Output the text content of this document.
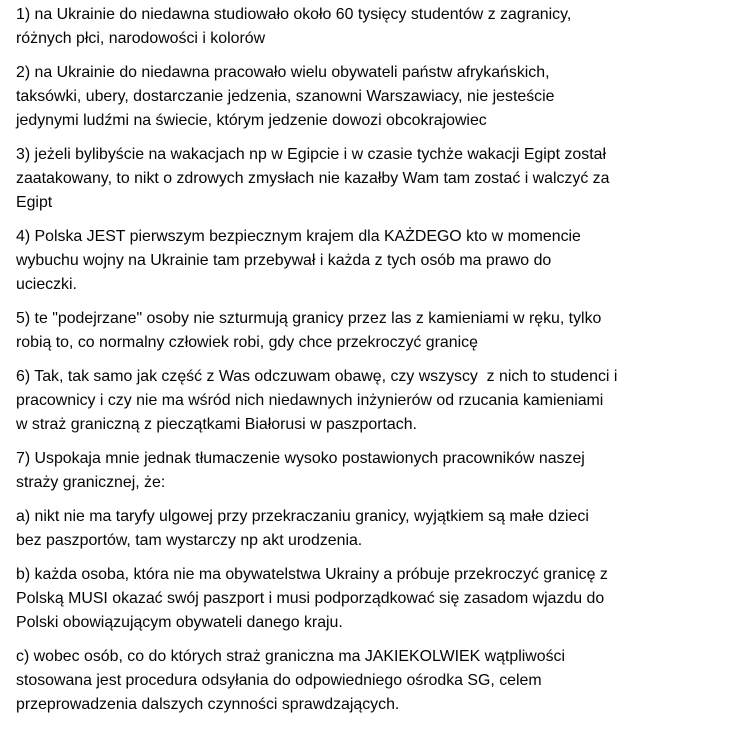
1) na Ukrainie do niedawna studiowało około 60 tysięcy studentów z zagranicy,
różnych płci, narodowości i kolorów

2) na Ukrainie do niedawna pracowało wielu obywateli państw afrykańskich,
taksówki, ubery, dostarczanie jedzenia, szanowni Warszawiacy, nie jesteście
jedynymi ludźmi na świecie, którym jedzenie dowozi obcokrajowiec

3) jeżeli bylibyście na wakacjach np w Egipcie i w czasie tychże wakacji Egipt został
zaatakowany, to nikt o zdrowych zmysłach nie kazałby Wam tam zostać i walczyć za
Egipt

4) Polska JEST pierwszym bezpiecznym krajem dla KAŻDEGO kto w momencie
wybuchu wojny na Ukrainie tam przebywał i każda z tych osób ma prawo do
ucieczki.

5) te "podejrzane" osoby nie szturmują granicy przez las z kamieniami w ręku, tylko
robią to, co normalny człowiek robi, gdy chce przekroczyć granicę

6) Tak, tak samo jak część z Was odczuwam obawę, czy wszyscy  z nich to studenci i
pracownicy i czy nie ma wśród nich niedawnych inżynierów od rzucania kamieniami
w straż graniczną z pieczątkami Białorusi w paszportach.

7) Uspokaja mnie jednak tłumaczenie wysoko postawionych pracowników naszej
straży granicznej, że:

a) nikt nie ma taryfy ulgowej przy przekraczaniu granicy, wyjątkiem są małe dzieci
bez paszportów, tam wystarczy np akt urodzenia.

b) każda osoba, która nie ma obywatelstwa Ukrainy a próbuje przekroczyć granicę z
Polską MUSI okazać swój paszport i musi podporządkować się zasadom wjazdu do
Polski obowiązującym obywateli danego kraju.

c) wobec osób, co do których straż graniczna ma JAKIEKOLWIEK wątpliwości
stosowana jest procedura odsyłania do odpowiedniego ośrodka SG, celem
przeprowadzenia dalszych czynności sprawdzających.
